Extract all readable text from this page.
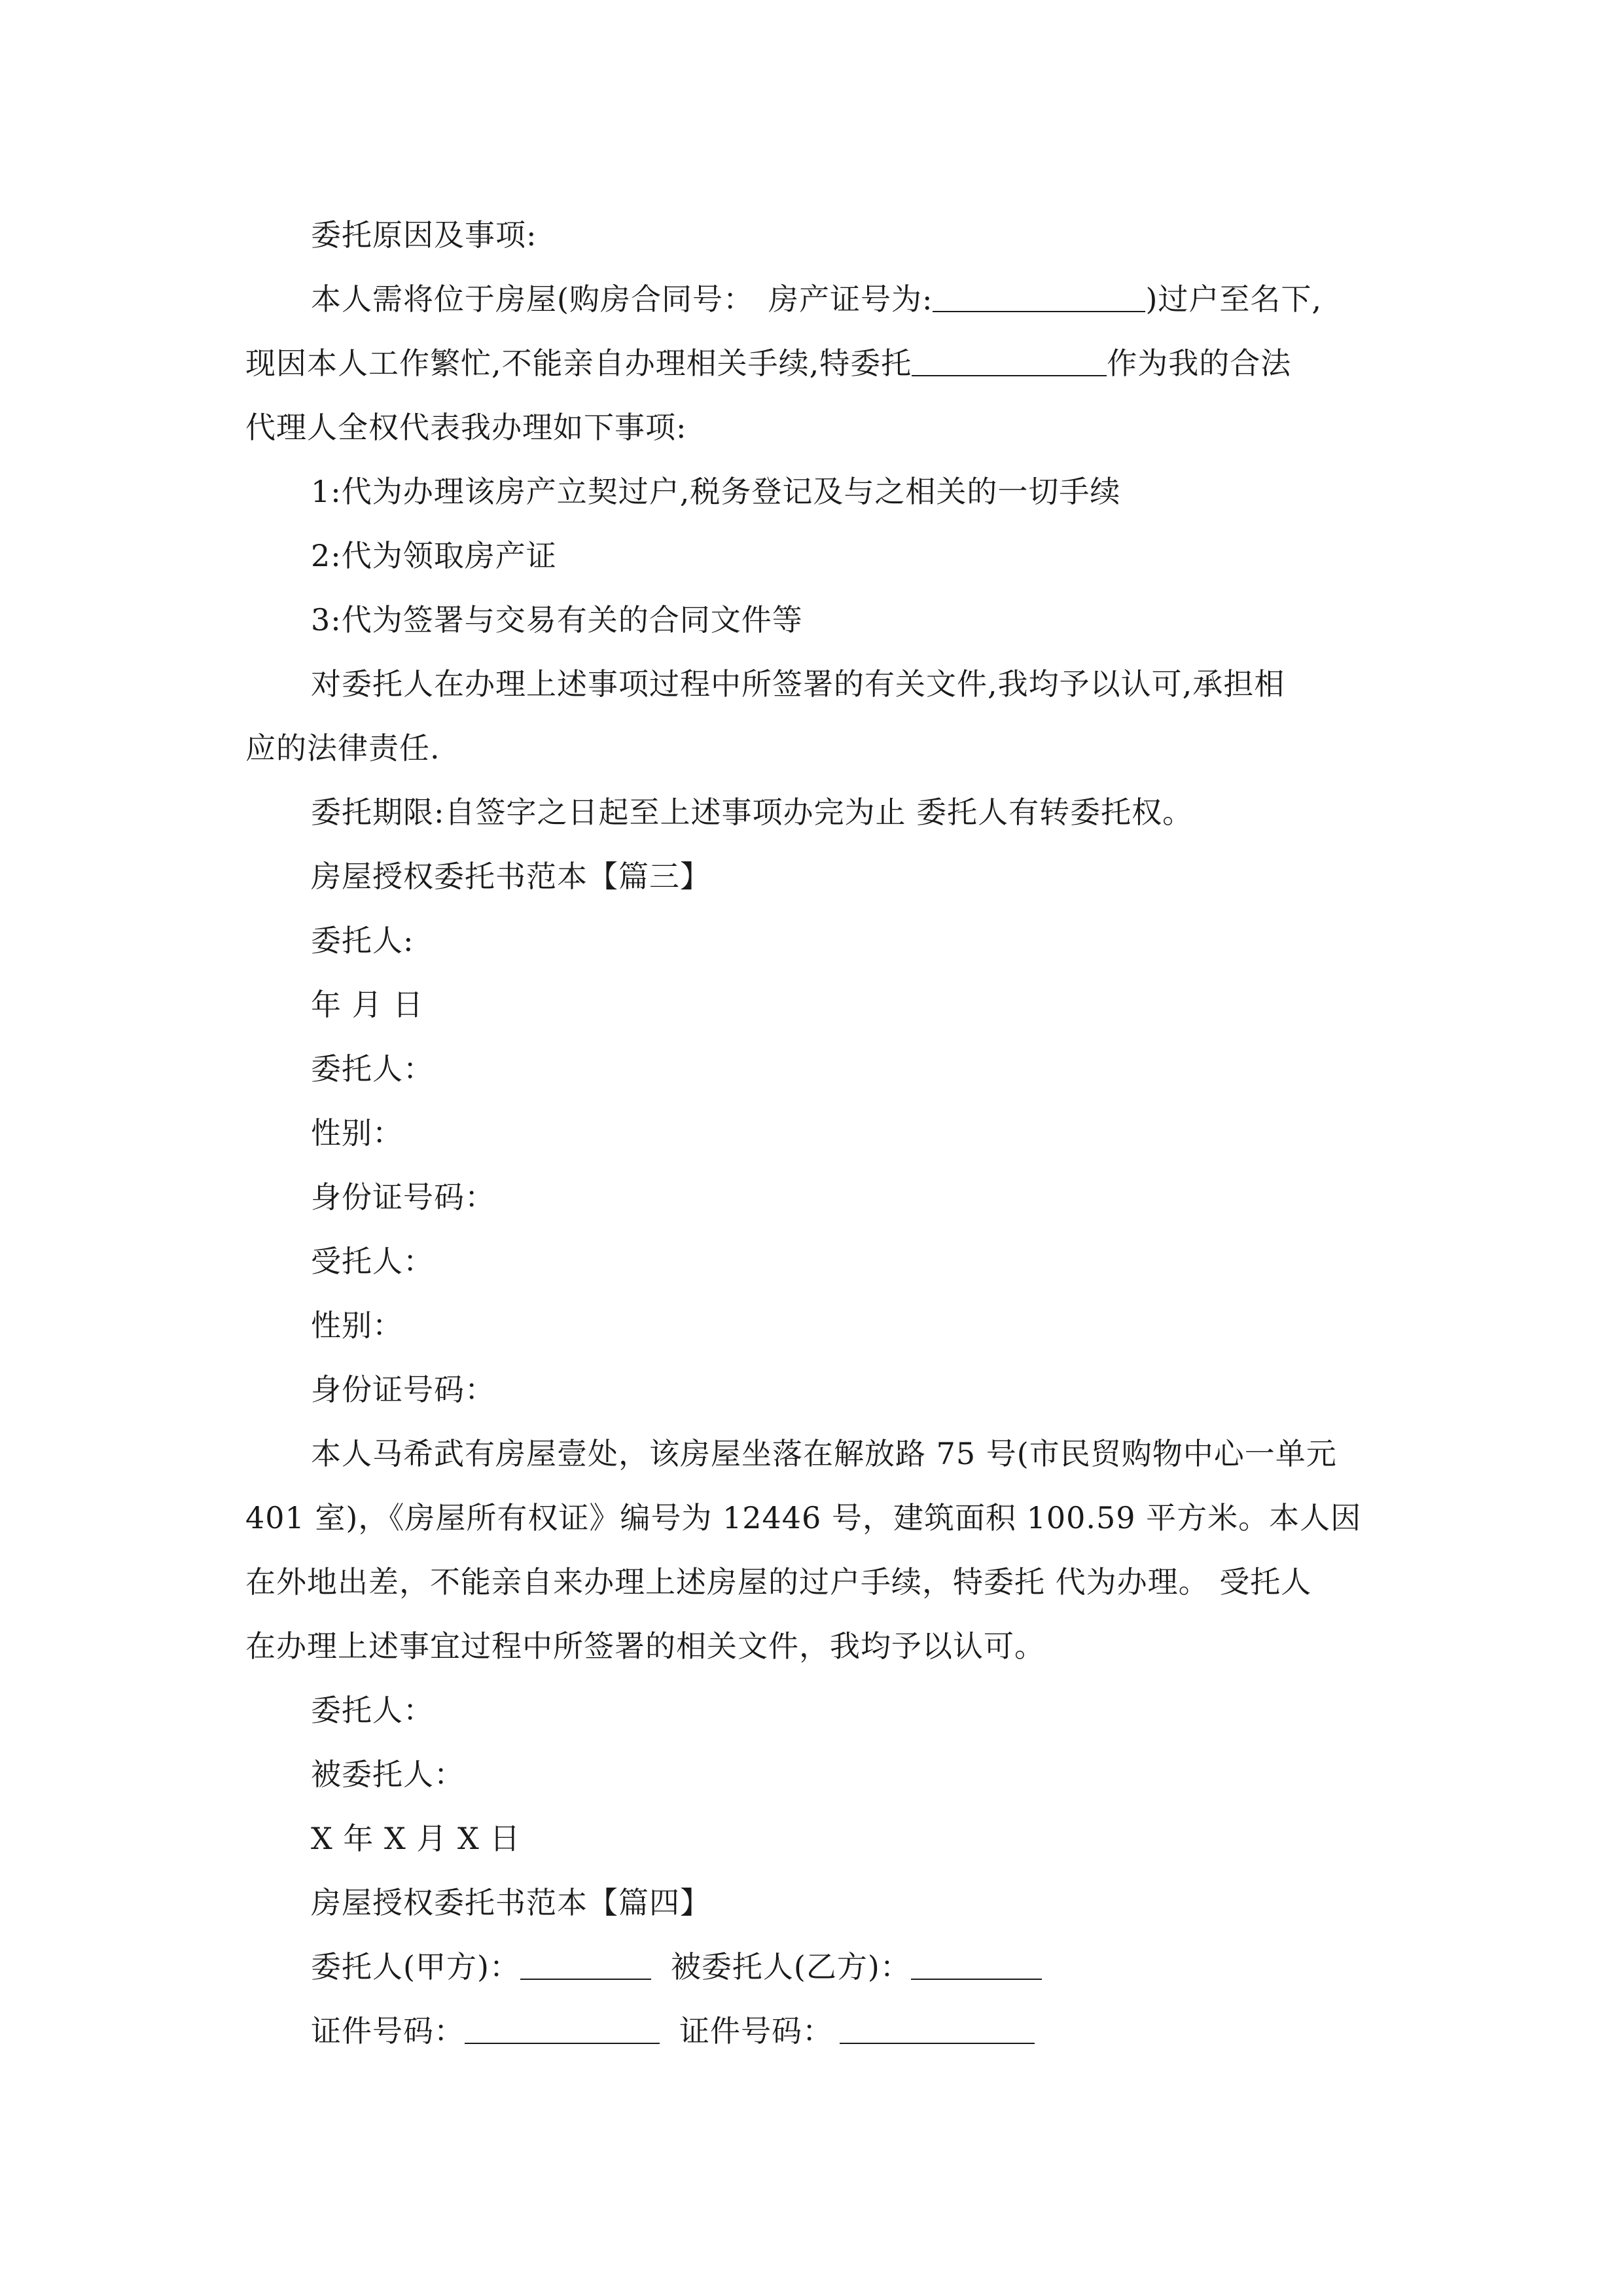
委托原因及事项:
本人需将位于房屋(购房合同号： 房产证号为:	)过户至名下,
现因本人工作繁忙,不能亲自办理相关手续,特委托	作为我的合法
代理人全权代表我办理如下事项:
1:代为办理该房产立契过户,税务登记及与之相关的一切手续
2:代为领取房产证
3:代为签署与交易有关的合同文件等
对委托人在办理上述事项过程中所签署的有关文件,我均予以认可,承担相
应的法律责任.
委托期限:自签字之日起至上述事项办完为止 委托人有转委托权。
房屋授权委托书范本【篇三】
委托人:
年 月 日
委托人：
性别：
身份证号码：
受托人：
性别：
身份证号码：
本人马希武有房屋壹处，该房屋坐落在解放路 75 号(市民贸购物中心一单元
401 室)，《房屋所有权证》编号为 12446 号，建筑面积 100.59 平方米。本人因
在外地出差，不能亲自来办理上述房屋的过户手续，特委托 代为办理。 受托人
在办理上述事宜过程中所签署的相关文件，我均予以认可。
委托人：
被委托人：
X 年 X 月 X 日
房屋授权委托书范本【篇四】
委托人(甲方)：	被委托人(乙方)：
证件号码：	证件号码：
